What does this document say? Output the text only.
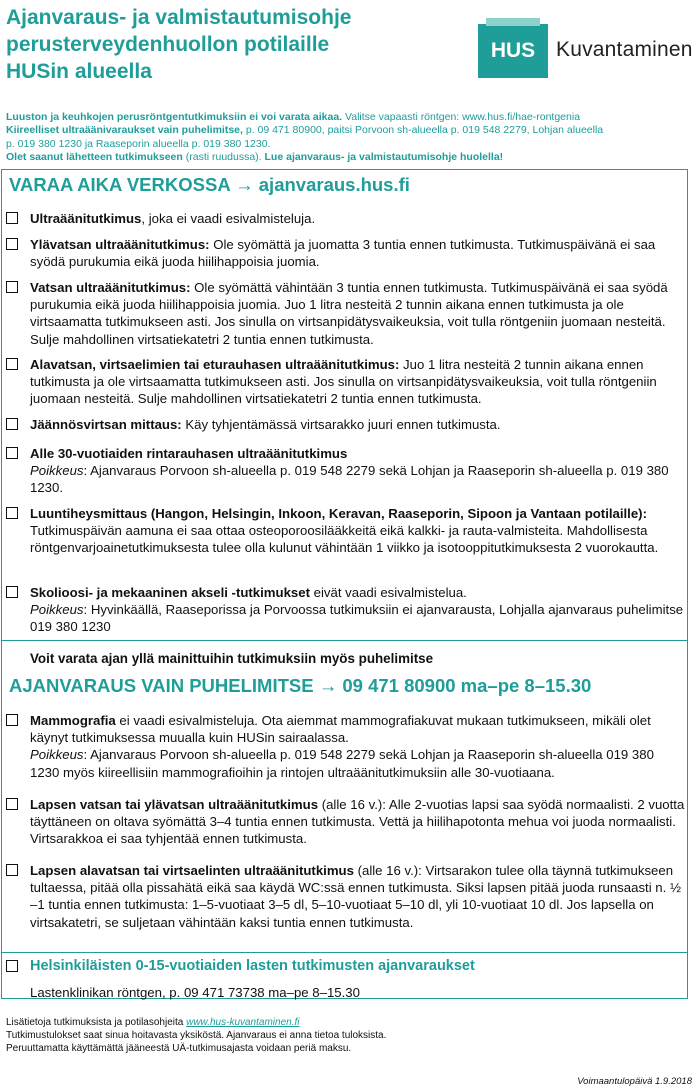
Ajanvaraus- ja valmistautumisohje
perusterveydenhuollon potilaille
HUSin alueella
HUS Kuvantaminen
Luuston ja keuhkojen perusröntgentutkimuksiin ei voi varata aikaa. Valitse vapaasti röntgen: www.hus.fi/hae-rontgenia
Kiireelliset ultraäänivaraukset vain puhelimitse, p. 09 471 80900, paitsi Porvoon sh-alueella p. 019 548 2279, Lohjan alueella
p. 019 380 1230 ja Raaseporin alueella p. 019 380 1230.
Olet saanut lähetteen tutkimukseen (rasti ruudussa). Lue ajanvaraus- ja valmistautumisohje huolella!
VARAA AIKA VERKOSSA → ajanvaraus.hus.fi
Ultraäänitutkimus, joka ei vaadi esivalmisteluja.
Ylävatsan ultraäänitutkimus: Ole syömättä ja juomatta 3 tuntia ennen tutkimusta. Tutkimuspäivänä ei saa syödä purukumia eikä juoda hiilihappoisia juomia.
Vatsan ultraäänitutkimus: Ole syömättä vähintään 3 tuntia ennen tutkimusta. Tutkimuspäivänä ei saa syödä purukumia eikä juoda hiilihappoisia juomia. Juo 1 litra nesteitä 2 tunnin aikana ennen tutkimusta ja ole virtsaamatta tutkimukseen asti. Jos sinulla on virtsanpidätysvaikeuksia, voit tulla röntgeniin juomaan nesteitä. Sulje mahdollinen virtsatiekatetri 2 tuntia ennen tutkimusta.
Alavatsan, virtsaelimien tai eturauhasen ultraäänitutkimus: Juo 1 litra nesteitä 2 tunnin aikana ennen tutkimusta ja ole virtsaamatta tutkimukseen asti. Jos sinulla on virtsanpidätysvaikeuksia, voit tulla röntgeniin juomaan nesteitä. Sulje mahdollinen virtsatiekatetri 2 tuntia ennen tutkimusta.
Jäännösvirtsan mittaus: Käy tyhjentämässä virtsarakko juuri ennen tutkimusta.
Alle 30-vuotiaiden rintarauhasen ultraäänitutkimus
Poikkeus: Ajanvaraus Porvoon sh-alueella p. 019 548 2279 sekä Lohjan ja Raaseporin sh-alueella p. 019 380 1230.
Luuntiheysmittaus (Hangon, Helsingin, Inkoon, Keravan, Raaseporin, Sipoon ja Vantaan potilaille): Tutkimuspäivän aamuna ei saa ottaa osteoporoosilääkkeitä eikä kalkki- ja rauta-valmisteita. Mahdollisesta röntgenvarjoainetutkimuksesta tulee olla kulunut vähintään 1 viikko ja isotooppitutkimuksesta 2 vuorokautta.
Skolioosi- ja mekaaninen akseli -tutkimukset eivät vaadi esivalmistelua.
Poikkeus: Hyvinkäällä, Raaseporissa ja Porvoossa tutkimuksiin ei ajanvarausta, Lohjalla ajanvaraus puhelimitse 019 380 1230
Voit varata ajan yllä mainittuihin tutkimuksiin myös puhelimitse
AJANVARAUS VAIN PUHELIMITSE → 09 471 80900 ma–pe 8–15.30
Mammografia ei vaadi esivalmisteluja. Ota aiemmat mammografiakuvat mukaan tutkimukseen, mikäli olet käynyt tutkimuksessa muualla kuin HUSin sairaalassa.
Poikkeus: Ajanvaraus Porvoon sh-alueella p. 019 548 2279 sekä Lohjan ja Raaseporin sh-alueella 019 380 1230 myös kiireellisiin mammografioihin ja rintojen ultraäänitutkimuksiin alle 30-vuotiaana.
Lapsen vatsan tai ylävatsan ultraäänitutkimus (alle 16 v.): Alle 2-vuotias lapsi saa syödä normaalisti. 2 vuotta täyttäneen on oltava syömättä 3–4 tuntia ennen tutkimusta. Vettä ja hiilihapotonta mehua voi juoda normaalisti. Virtsarakkoa ei saa tyhjentää ennen tutkimusta.
Lapsen alavatsan tai virtsaelinten ultraäänitutkimus (alle 16 v.): Virtsarakon tulee olla täynnä tutkimukseen tultaessa, pitää olla pissahätä eikä saa käydä WC:ssä ennen tutkimusta. Siksi lapsen pitää juoda runsaasti n. ½ –1 tuntia ennen tutkimusta: 1–5-vuotiaat 3–5 dl, 5–10-vuotiaat 5–10 dl, yli 10-vuotiaat 10 dl. Jos lapsella on virtsakatetri, se suljetaan vähintään kaksi tuntia ennen tutkimusta.
Helsinkiläisten 0-15-vuotiaiden lasten tutkimusten ajanvaraukset
Lastenklinikan röntgen, p. 09 471 73738 ma–pe 8–15.30
Lisätietoja tutkimuksista ja potilasohjeita www.hus-kuvantaminen.fi
Tutkimustulokset saat sinua hoitavasta yksiköstä. Ajanvaraus ei anna tietoa tuloksista.
Peruuttamatta käyttämättä jääneestä UÄ-tutkimusajasta voidaan periä maksu.
Voimaantulopäivä 1.9.2018
